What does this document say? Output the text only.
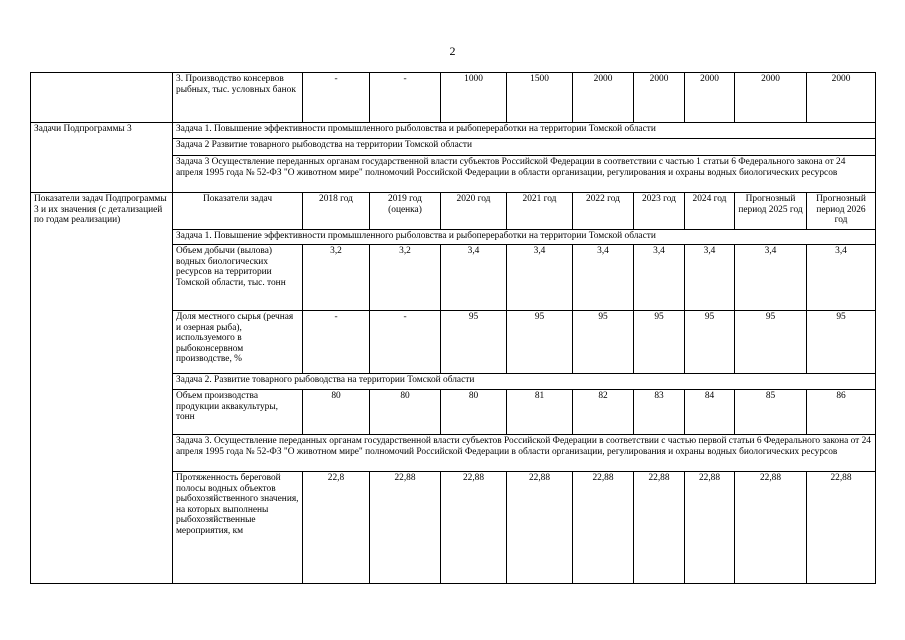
2
	3. Производство консервов рыбных, тыс. условных банок	-	-	1000	1500	2000	2000	2000	2000	2000
Задачи Подпрограммы 3	Задача 1. Повышение эффективности промышленного рыболовства и рыбопереработки на территории Томской области									
	Задача 2 Развитие товарного рыбоводства на территории Томской области									
	Задача 3 Осуществление переданных органам государственной власти субъектов Российской Федерации в соответствии с частью 1 статьи 6 Федерального закона от 24 апреля 1995 года № 52-ФЗ "О животном мире" полномочий Российской Федерации в области организации, регулирования и охраны водных биологических ресурсов									
Показатели задач Подпрограммы 3 и их значения (с детализацией по годам реализации)	Показатели задач	2018 год	2019 год (оценка)	2020 год	2021 год	2022 год	2023 год	2024 год	Прогнозный период 2025 год	Прогнозный период 2026 год
	Задача 1. Повышение эффективности промышленного рыболовства и рыбопереработки на территории Томской области									
	Объем добычи (вылова) водных биологических ресурсов на территории Томской области, тыс. тонн	3,2	3,2	3,4	3,4	3,4	3,4	3,4	3,4	3,4
	Доля местного сырья (речная и озерная рыба), используемого в рыбоконсервном производстве, %	-	-	95	95	95	95	95	95	95
	Задача 2. Развитие товарного рыбоводства на территории Томской области									
	Объем производства продукции аквакультуры, тонн	80	80	80	81	82	83	84	85	86
	Задача 3. Осуществление переданных органам государственной власти субъектов Российской Федерации в соответствии с частью первой статьи 6 Федерального закона от 24 апреля 1995 года № 52-ФЗ "О животном мире" полномочий Российской Федерации в области организации, регулирования и охраны водных биологических ресурсов									
	Протяженность береговой полосы водных объектов рыбохозяйственного значения, на которых выполнены рыбохозяйственные мероприятия, км	22,8	22,88	22,88	22,88	22,88	22,88	22,88	22,88	22,88
